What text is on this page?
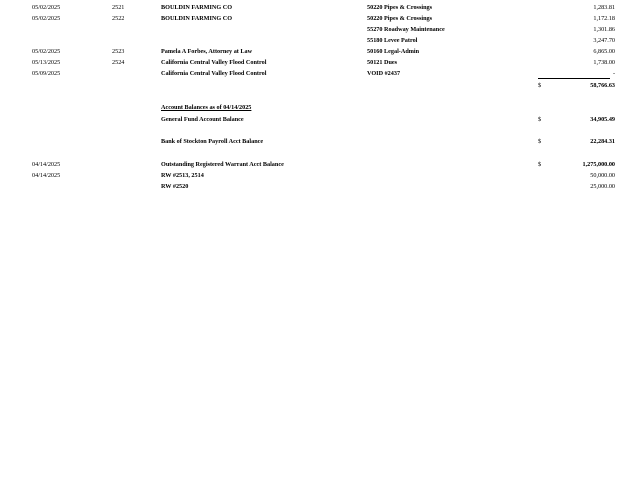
05/02/2025	2521	BOULDIN FARMING CO	50220 Pipes & Crossings	1,283.81
05/02/2025	2522	BOULDIN FARMING CO	50220 Pipes & Crossings	1,172.18
55270 Roadway Maintenance	1,301.86
55180 Levee Patrol	3,247.70
05/02/2025	2523	Pamela A Forbes, Attorney at Law	50160 Legal-Admin	6,865.00
05/13/2025	2524	California Central Valley Flood Control	50121 Dues	1,738.00
05/09/2025	California Central Valley Flood Control	VOID #2437	-
$	58,766.63
Account Balances as of 04/14/2025
General Fund Account Balance	$	34,905.49
Bank of Stockton Payroll Acct Balance	$	22,284.31
04/14/2025	Outstanding Registered Warrant Acct Balance	$	1,275,000.00
04/14/2025	RW #2513, 2514	50,000.00
RW #2520	25,000.00
